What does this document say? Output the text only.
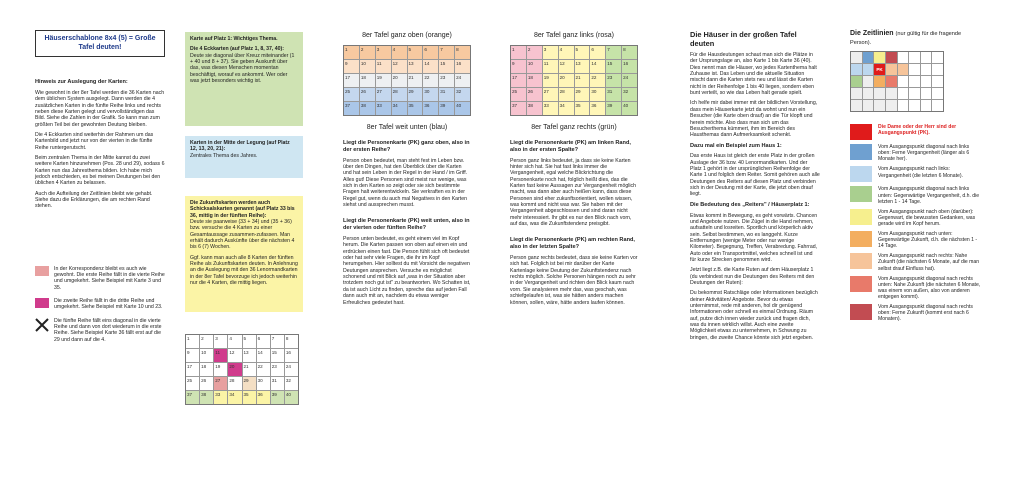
Häuserschablone 8x4 (5) = Große Tafel deuten!

Hinweis zur Auslegung der Karten:

Wie gewohnt in der 8er Tafel werden die 36 Karten nach dem üblichen System ausgelegt. Dann werden die 4 zusätzlichen Karten in die fünfte Reihe links und rechts neben diese Karten gelegt und vervollständigen das Bild. Siehe die Zahlen in der Grafik. So kann man zum größten Teil bei der gewohnten Deutung bleiben.

Die 4 Eckkarten sind weiterhin der Rahmen um das Kartenbild und jetzt nur von der vierten in die fünfte Reihe runtergerutscht.

Beim zentralen Thema in der Mitte kannst du zwei weitere Karten hinzunehmen (Pos. 28 und 29), sodass 6 Karten nun das Jahresthema bilden. Ich habe mich jedoch entschieden, es bei meinen Deutungen bei den üblichen 4 Karten zu belassen.

Auch die Aufteilung der Zeitlinien bleibt wie gehabt. Siehe dazu die Erklärungen, die am rechten Rand stehen.

In der Korrespondenz bleibt es auch wie gewohnt. Die erste Reihe fällt in die vierte Reihe und umgekehrt. Siehe Beispiel mit Karte 3 und 35.
Die zweite Reihe fällt in die dritte Reihe und umgekehrt. Siehe Beispiel mit Karte 10 und 23.
Die fünfte Reihe fällt eins diagonal in die vierte Reihe und dann von dort wiederum in die erste Reihe. Siehe Beispiel Karte 36 fällt erst auf die 29 und dann auf die 4.

Karte auf Platz 1: Wichtiges Thema.

Die 4 Eckkarten (auf Platz 1, 8, 37, 40):

Deute sie diagonal über Kreuz miteinander (1 + 40 und 8 + 37). Sie geben Auskunft über das, was diesen Menschen momentan beschäftigt, worauf es ankommt. Wer oder was jetzt besonders wichtig ist.

Karten in der Mitte der Legung (auf Platz 12, 13, 20, 21):

Zentrales Thema des Jahres.

Die Zukunftskarten werden auch Schicksalskarten genannt (auf Platz 33 bis 36, mittig in der fünften Reihe):

Deute sie paarweise (33 + 34) und (35 + 36) bzw. versuche die 4 Karten zu einer Gesamtaussage zusammen-zufassen. Man erhält dadurch Auskünfte über die nächsten 4 bis 6 (7) Wochen.

Ggf. kann man auch alle 8 Karten der fünften Reihe als Zukunftskarten deuten. In Anlehnung an die Auslegung mit den 36 Lenormandkarten in der 8er Tafel bevorzuge ich jedoch weiterhin nur die 4 Karten, die mittig liegen.

1	2	3	4	5	6	7	8
9	10	11	12	13	14	15	16
17	18	19	20	21	22	23	24
25	26	27	28	29	30	31	32
37	38	33	34	35	36	39	40

8er Tafel ganz oben (orange)

1	2	3	4	5	6	7	8
9	10	11	12	13	14	15	16
17	18	19	20	21	22	23	24
25	26	27	28	29	30	31	32
37	38	33	34	35	36	39	40

8er Tafel weit unten (blau)

Liegt die Personenkarte (PK) ganz oben, also in der ersten Reihe?

Person oben bedeutet, man steht fest im Leben bzw. über den Dingen, hat den Überblick über die Karten und hat sein Leben in der Regel in der Hand / im Griff. Alles gut! Diese Personen sind meist nur wenige, was sich in den Karten so zeigt oder sie sich bestimmte Fragen halt weiterentwickeln. Sie verkraften es in der Regel gut, wenn du auch mal Negatives in den Karten siehst und aussprechen musst.

Liegt die Personenkarte (PK) weit unten, also in der vierten oder fünften Reihe?

Person unten bedeutet, es geht einem viel im Kopf herum. Die Karten passen von oben auf einen ein und erdrücken einen fast. Die Person fühlt sich oft bedeutet oder hat sehr viele Fragen, die ihr im Kopf herumgehen. Hier solltest du mit Vorsicht die negativen Deutungen ansprechen. Versuche es möglichst schonend und mit Blick auf „was in der Situation aber trotzdem noch gut ist" zu beantworten. Wo Schatten ist, da ist auch Licht zu finden, spreche das auf jeden Fall dann auch mit an, nachdem du etwas weniger Erfreuliches gedeutet hast.

8er Tafel ganz links (rosa)

1	2	3	4	5	6	7	8
9	10	11	12	13	14	15	16
17	18	19	20	21	22	23	24
25	26	27	28	29	30	31	32
37	38	33	34	35	36	39	40

8er Tafel ganz rechts (grün)

Liegt die Personenkarte (PK) am linken Rand, also in der ersten Spalte?

Person ganz links bedeutet, ja dass sie keine Karten hinter sich hat. Sie hat fast links immer die Vergangenheit, egal welche Blickrichtung die Personenkarte noch hat, folglich heißt dies, das die Karten fast keine Aussagen zur Vergangenheit möglich macht, was dann aber auch heißen kann, dass diese Personen sind eher zukunftsorientiert, wollen wissen, was kommt und nicht was war. Sie haben mit der Vergangenheit abgeschlossen und sind daran nicht mehr interessiert. Ihr gibt es nur den Blick nach vorn, auf das, was die Zukunftstendenz preisgibt.

Liegt die Personenkarte (PK) am rechten Rand, also in der letzten Spalte?

Person ganz rechts bedeutet, dass sie keine Karten vor sich hat. Folglich ist bei mir darüber der Karte Kartenlage keine Deutung der Zukunftstendenz nach rechts möglich. Solche Personen hängen noch zu sehr in der Vergangenheit und richten den Blick kaum nach vorn. Sie analysieren mehr das, was geschah, was schiefgelaufen ist, was sie hätten anders machen können, sollen, wäre, hätte anders laufen können.

Die Häuser in der großen Tafel deuten

Für die Hausdeutungen schaut man sich die Plätze in der Ursprungslage an, also Karte 1 bis Karte 36 (40). Dies nennt man die Häuser, wo jedes Kartenthema halt Zuhause ist. Das Leben und die aktuelle Situation mischt dann die Karten stets neu und lässt die Karten nicht in der Reihenfolge 1 bis 40 liegen, sondern eben bunt verteilt, so wie das Leben halt gerade spielt.

Ich helfe mir dabei immer mit der bildlichen Vorstellung, dass mein Häuserkarte jetzt da wohnt und nun ein Besucher (die Karte oben drauf) an die Tür klopft und herein möchte. Also dass man sich um das Besucherthema kümmert, ihm im Bereich des Hausthemas dann Aufmerksamkeit schenkt.

Dazu mal ein Beispiel zum Haus 1:

Das erste Haus ist gleich der erste Platz in der großen Auslage der 36 bzw. 40 Lenormandkarten. Und der Platz 1 gehört in der ursprünglichen Reihenfolge der Karte 1 und folglich dem Reiter. Somit gehören auch alle Deutungen des Reiters auf diesen Platz und verbinden sich in der Deutung mit der Karte, die jetzt oben drauf liegt.

Die Bedeutung des „Reiters" / Häuserplatz 1:

Etwas kommt in Bewegung, es geht vorwärts. Chancen und Angebote nutzen. Die Zügel in die Hand nehmen, aufsatteln und losreiten. Sportlich und körperlich aktiv sein. Selbst bestimmen, wo es langgeht. Kurze Entfernungen (wenige Meter oder nur wenige Kilometer). Begegnung, Treffen, Verabredung. Fahrrad, Auto oder ein Transportmittel, welches schnell ist und für kurze Strecken genommen wird.

Jetzt liegt z.B. die Karte Ruten auf dem Häuserplatz 1 (du verbindest nun die Deutungen des Reiters mit den Deutungen der Ruten):

Du bekommst Ratschläge oder Informationen bezüglich deiner Aktivitäten/ Angebote. Bevor du etwas unternimmst, rede mit anderen, hol dir genügend Informationen oder schnell es einmal Ordnung. Räum auf, putze dich innen wieder zurück und fragen dich, was du innen wirklich willst. Auch eine zweite Möglichkeit etwas zu unternehmen, in Schwung zu bringen, die zweite Chance könnte sich jetzt ergeben.

Die Zeitlinien (nur gültig für die fragende Person).

PK
Die Dame oder der Herr sind der Ausgangspunkt (PK).
Vom Ausgangspunkt diagonal nach links oben: Ferne Vergangenheit (länger als 6 Monate her).
Vom Ausgangspunkt nach links: Vergangenheit (die letzten 6 Monate).
Vom Ausgangspunkt diagonal nach links unten: Gegenwärtige Vergangenheit, d.h. die letzten 1 - 14 Tage.
Vom Ausgangspunkt nach oben (darüber): Gegenwart, die bewussten Gedanken, was gerade wird im Kopf herum.
Vom Ausgangspunkt nach unten: Gegenwärtige Zukunft, d.h. die nächsten 1 - 14 Tage.
Vom Ausgangspunkt nach rechts: Nahe Zukunft (die nächsten 6 Monate, auf die man selbst drauf Einfluss hat).
Vom Ausgangspunkt diagonal nach rechts unten: Nahe Zukunft (die nächsten 6 Monate, was einem von außen, also von anderen entgegen kommt).
Vom Ausgangspunkt diagonal nach rechts oben: Ferne Zukunft (kommt erst nach 6 Monaten).
